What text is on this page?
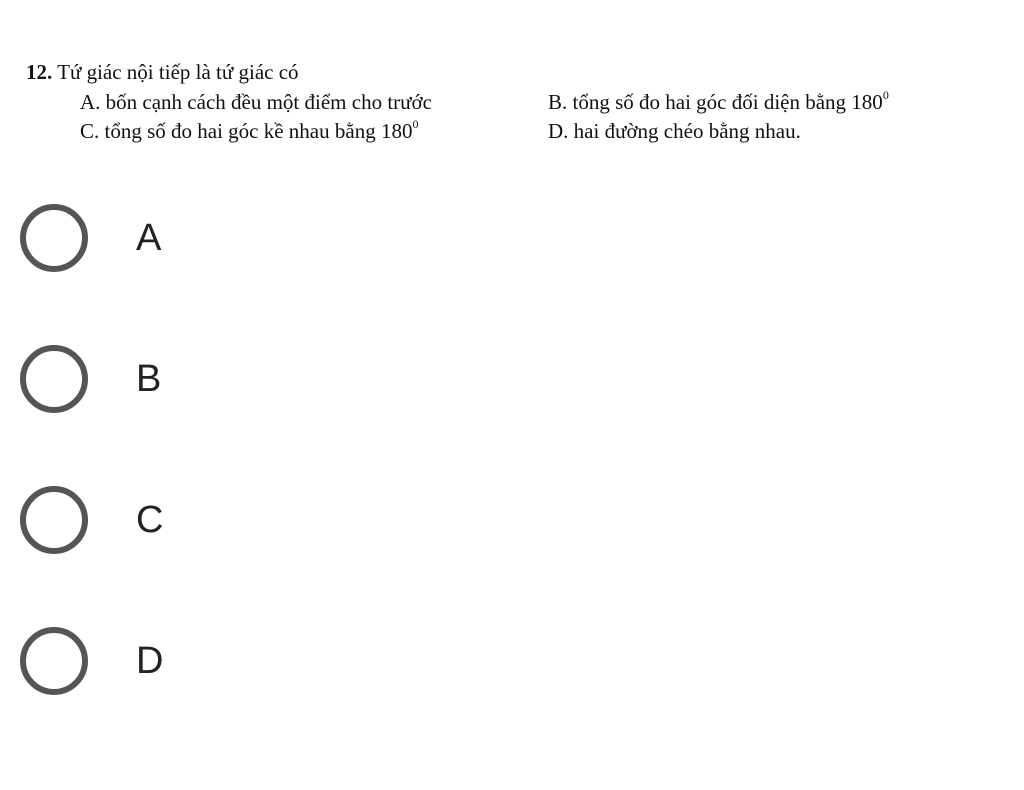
12. Tứ giác nội tiếp là tứ giác có
A. bốn cạnh cách đều một điểm cho trước	B. tổng số đo hai góc đối diện bằng $180^0$
C. tổng số đo hai góc kề nhau bằng $180^0$	D. hai đường chéo bằng nhau.
A
B
C
D
